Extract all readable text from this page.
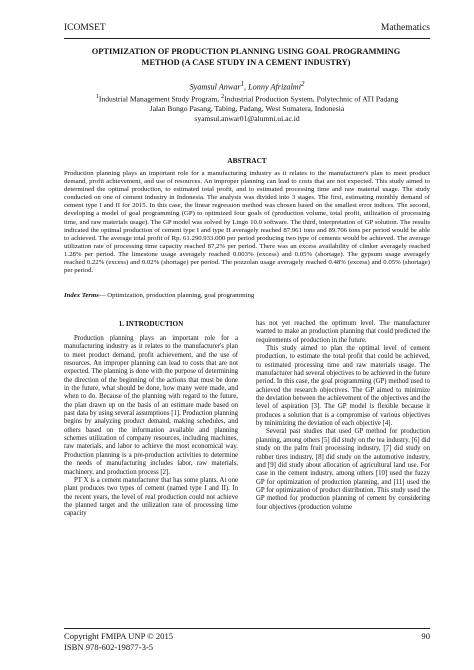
ICOMSET	Mathematics
OPTIMIZATION OF PRODUCTION PLANNING USING GOAL PROGRAMMING
METHOD (A CASE STUDY IN A CEMENT INDUSTRY)
Syamsul Anwar$^1$, Lonny Afrizalmi$^2$
$^1$Industrial Management Study Program, $^2$Industrial Production System, Polytechnic of ATI Padang
Jalan Bungo Pasang, Tabing, Padang, West Sumatera, Indonesia
syamsul.anwar01@alumni.ui.ac.id
ABSTRACT

Production planning plays an important role for a manufacturing industry as it relates to the manufacturer's plan to meet product demand, profit achievement, and use of resources. An improper planning can lead to costs that are not expected. This study aimed to determined the optimal production, to estimated total profit, and to estimated processing time and raw material usage. The study conducted on one of cement industry in Indonesia. The analysis was divided into 3 stages. The first, estimating monthly demand of cement type I and II for 2015. In this case, the linear regression method was chosen based on the smallest error indices. The second, developing a model of goal programming (GP) to optimized four goals of (production volume, total profit, utilization of processing time, and raw materials usage). The GP model was solved by Lingo 10.0 software. The third, interpretation of GP solution. The results indicated the optimal production of cement type I and type II averagely reached 87.961 tons and 89.706 tons per period would be able to achieved. The average total profit of Rp. 61.290.933.000 per period producing two type of cements would be achieved. The average utilization rate of processing time capacity reached 87,2% per period. There was an excess availability of clinker averagely reached 1.28% per period. The limestone usage averagely reached 0.003% (excess) and 0.05% (shortage). The gypsum usage averagely reached 0.22% (excess) and 0.02% (shortage) per period. The pozzolan usage averagely reached 0.48% (excess) and 0.05% (shortage) per period.

Index Terms— Optimization, production planning, goal programming

1. INTRODUCTION

Production planning plays an important role for a manufacturing industry as it relates to the manufacturer's plan to meet product demand, profit achievement, and the use of resources. An improper planning can lead to costs that are not expected. The planning is done with the purpose of determining the direction of the beginning of the actions that must be done in the future, what should be done, how many were made, and when to do. Because of the planning with regard to the future, the plan drawn up on the basis of an estimate made based on past data by using several assumptions [1]. Production planning begins by analyzing product demand, making schedules, and others based on the information available and planning schemes utilization of company resources, including machines, raw materials, and labor to achieve the most economical way. Production planning is a pre-production activities to determine the needs of manufacturing includes labor, raw materials, machinery, and production process [2].

PT X is a cement manufacturer that has some plants. At one plant produces two types of cement (named type I and II). In the recent years, the level of real production could not achieve the planned target and the utilization rate of processing time capacity

has not yet reached the optimum level. The manufacturer wanted to make an production planning that could predicted the requirements of production in the future.

This study aimed to plan the optimal level of cement production, to estimate the total profit that could be achieved, to estimated processing time and raw materials usage. The manufacturer had several objectives to be achieved in the future period. In this case, the goal programming (GP) method used to achieved the research objectives. The GP aimed to minimize the deviation between the achievement of the objectives and the level of aspiration [3]. The GP model is flexible because it produces a solution that is a compromise of various objectives by minimizing the deviation of each objective [4].

Several past studies that used GP method for production planning, among others [5] did study on the tea industry, [6] did study on the palm fruit processing industry, [7] did study on rubber tires industry, [8] did study on the automotive industry, and [9] did study about allocation of agricultural land use. For case in the cement industry, among others [10] used the fuzzy GP for optimization of production planning, and [11] used the GP for optimization of product distribution. This study used the GP method for production planning of cement by considering four objectives (production volume

Copyright FMIPA UNP © 2015	90
ISBN 978-602-19877-3-5
